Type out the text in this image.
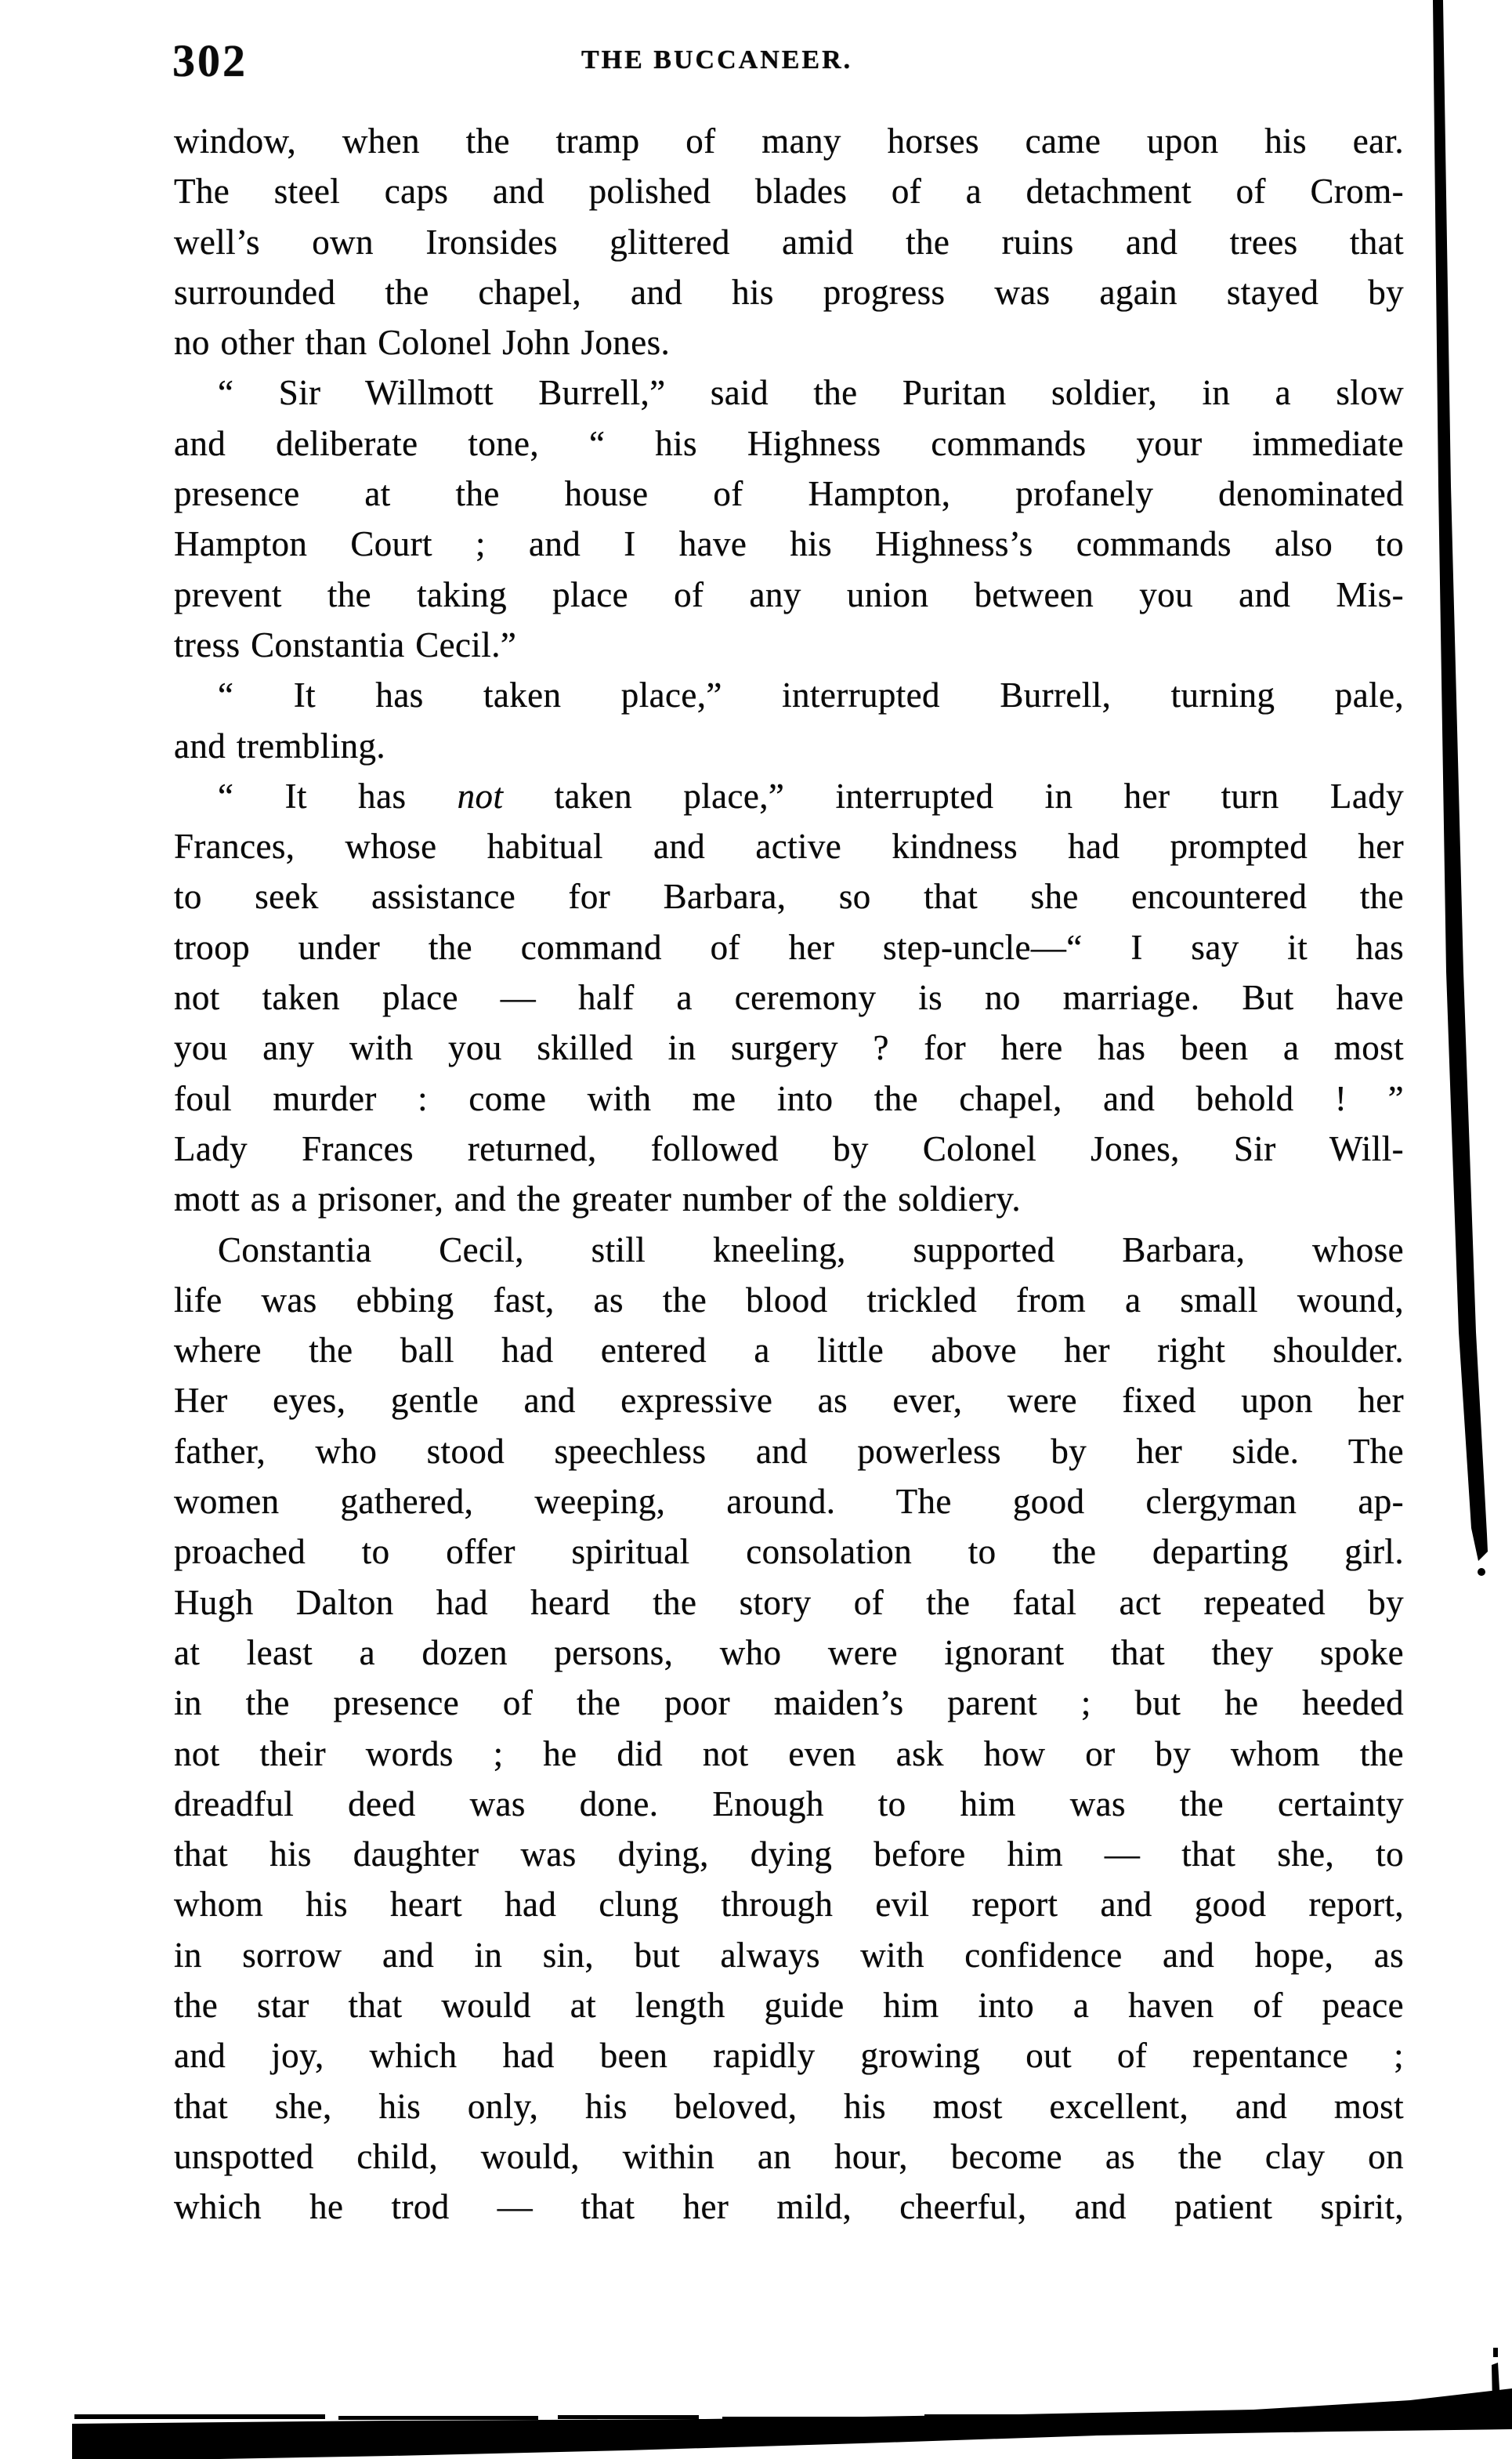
302	THE BUCCANEER.
window, when the tramp of many horses came upon his ear.
The steel caps and polished blades of a detachment of Crom-
well’s own Ironsides glittered amid the ruins and trees that
surrounded the chapel, and his progress was again stayed by
no other than Colonel John Jones.
“ Sir Willmott Burrell,” said the Puritan soldier, in a slow
and deliberate tone, “ his Highness commands your immediate
presence at the house of Hampton, profanely denominated
Hampton Court ; and I have his Highness’s commands also to
prevent the taking place of any union between you and Mis-
tress Constantia Cecil.”
“ It has taken place,” interrupted Burrell, turning pale,
and trembling.
“ It has not taken place,” interrupted in her turn Lady
Frances, whose habitual and active kindness had prompted her
to seek assistance for Barbara, so that she encountered the
troop under the command of her step-uncle—“ I say it has
not taken place — half a ceremony is no marriage. But have
you any with you skilled in surgery ? for here has been a most
foul murder : come with me into the chapel, and behold ! ”
Lady Frances returned, followed by Colonel Jones, Sir Will-
mott as a prisoner, and the greater number of the soldiery.
Constantia Cecil, still kneeling, supported Barbara, whose
life was ebbing fast, as the blood trickled from a small wound,
where the ball had entered a little above her right shoulder.
Her eyes, gentle and expressive as ever, were fixed upon her
father, who stood speechless and powerless by her side. The
women gathered, weeping, around. The good clergyman ap-
proached to offer spiritual consolation to the departing girl.
Hugh Dalton had heard the story of the fatal act repeated by
at least a dozen persons, who were ignorant that they spoke
in the presence of the poor maiden’s parent ; but he heeded
not their words ; he did not even ask how or by whom the
dreadful deed was done. Enough to him was the certainty
that his daughter was dying, dying before him — that she, to
whom his heart had clung through evil report and good report,
in sorrow and in sin, but always with confidence and hope, as
the star that would at length guide him into a haven of peace
and joy, which had been rapidly growing out of repentance ;
that she, his only, his beloved, his most excellent, and most
unspotted child, would, within an hour, become as the clay on
which he trod — that her mild, cheerful, and patient spirit,
